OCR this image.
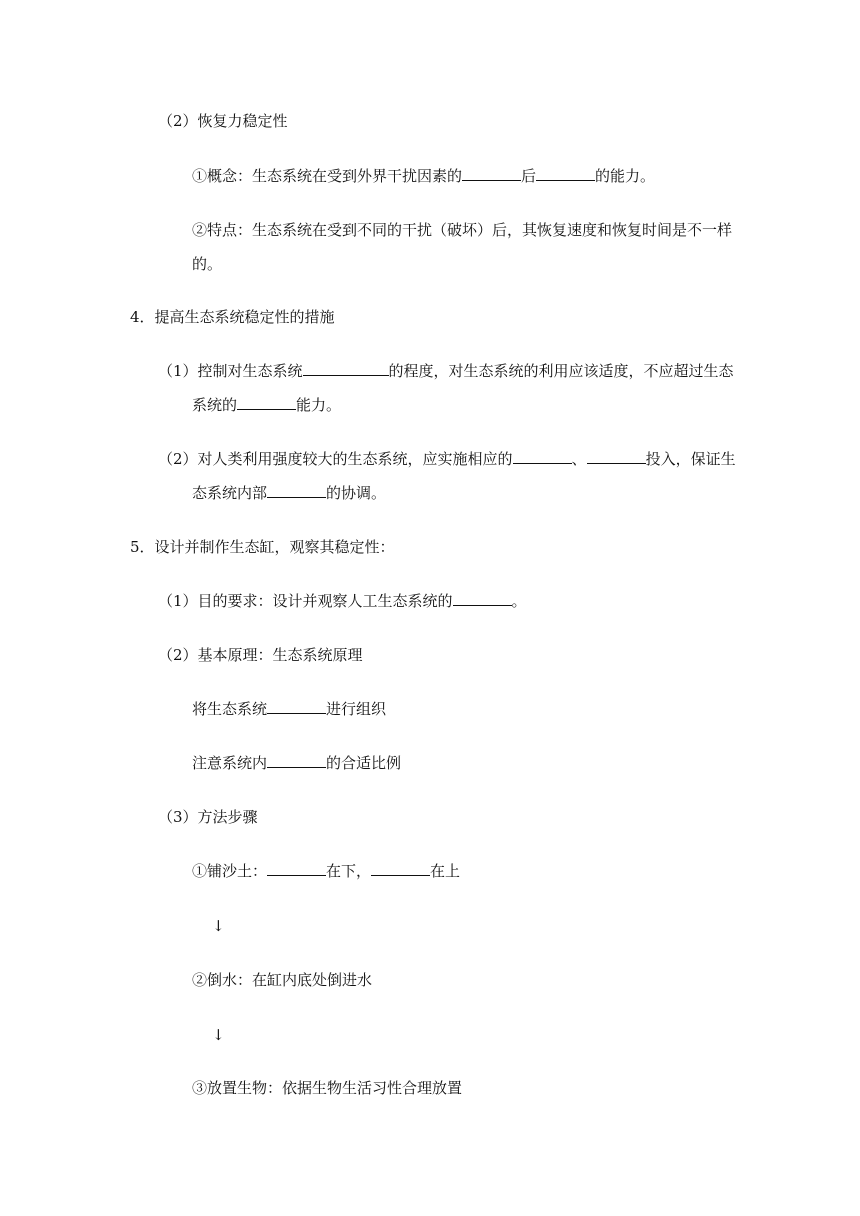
（2）恢复力稳定性
①概念：生态系统在受到外界干扰因素的	后	的能力。
②特点：生态系统在受到不同的干扰（破坏）后，其恢复速度和恢复时间是不一样
的。
4．提高生态系统稳定性的措施
（1）控制对生态系统	的程度，对生态系统的利用应该适度，不应超过生态
系统的	能力。
（2）对人类利用强度较大的生态系统，应实施相应的	、	投入，保证生
态系统内部	的协调。
5．设计并制作生态缸，观察其稳定性：
（1）目的要求：设计并观察人工生态系统的	。
（2）基本原理：生态系统原理
将生态系统	进行组织
注意系统内	的合适比例
（3）方法步骤
①铺沙土：	在下，	在上
↓
②倒水：在缸内底处倒进水
↓
③放置生物：依据生物生活习性合理放置
